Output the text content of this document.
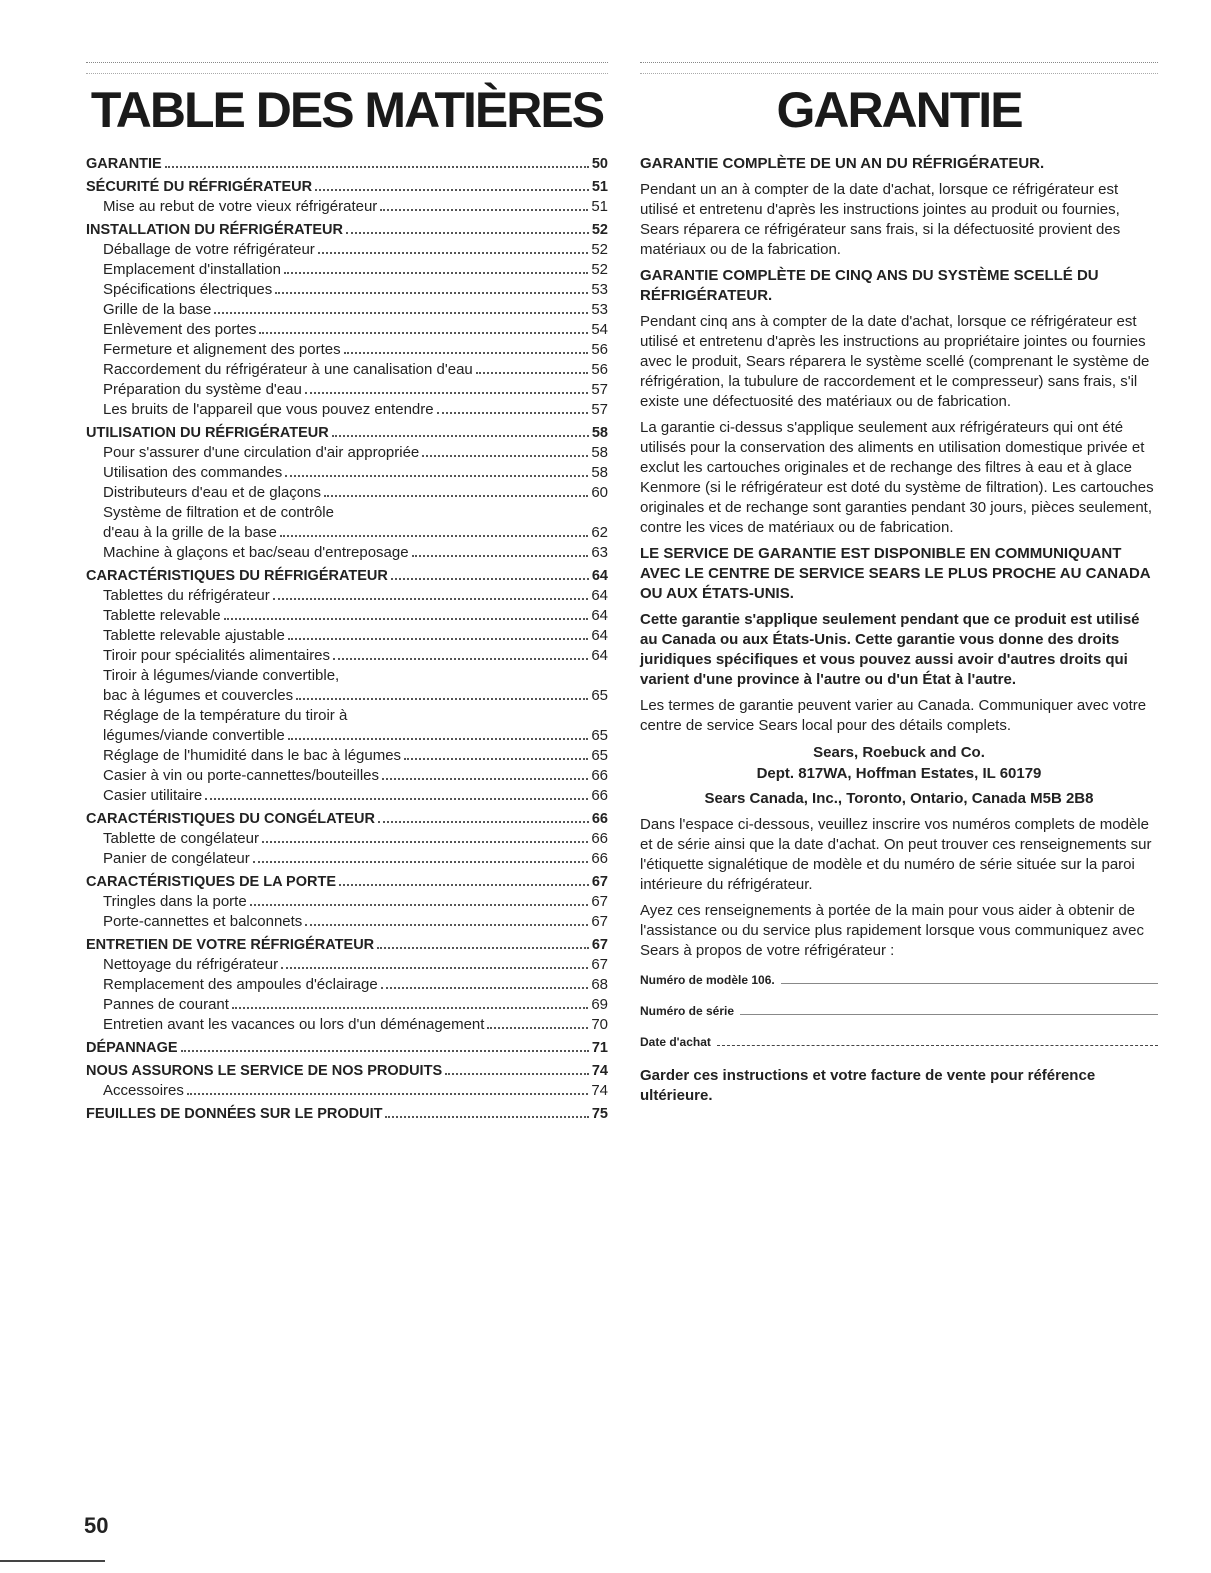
TABLE DES MATIÈRES
GARANTIE	50
SÉCURITÉ DU RÉFRIGÉRATEUR	51
Mise au rebut de votre vieux réfrigérateur	51
INSTALLATION DU RÉFRIGÉRATEUR	52
Déballage de votre réfrigérateur	52
Emplacement d'installation	52
Spécifications électriques	53
Grille de la base	53
Enlèvement des portes	54
Fermeture et alignement des portes	56
Raccordement du réfrigérateur à une canalisation d'eau	56
Préparation du système d'eau	57
Les bruits de l'appareil que vous pouvez entendre	57
UTILISATION DU RÉFRIGÉRATEUR	58
Pour s'assurer d'une circulation d'air appropriée	58
Utilisation des commandes	58
Distributeurs d'eau et de glaçons	60
Système de filtration et de contrôle
d'eau à la grille de la base	62
Machine à glaçons et bac/seau d'entreposage	63
CARACTÉRISTIQUES DU RÉFRIGÉRATEUR	64
Tablettes du réfrigérateur	64
Tablette relevable	64
Tablette relevable ajustable	64
Tiroir pour spécialités alimentaires	64
Tiroir à légumes/viande convertible,
bac à légumes et couvercles	65
Réglage de la température du tiroir à
légumes/viande convertible	65
Réglage de l'humidité dans le bac à légumes	65
Casier à vin ou porte-cannettes/bouteilles	66
Casier utilitaire	66
CARACTÉRISTIQUES DU CONGÉLATEUR	66
Tablette de congélateur	66
Panier de congélateur	66
CARACTÉRISTIQUES DE LA PORTE	67
Tringles dans la porte	67
Porte-cannettes et balconnets	67
ENTRETIEN DE VOTRE RÉFRIGÉRATEUR	67
Nettoyage du réfrigérateur	67
Remplacement des ampoules d'éclairage	68
Pannes de courant	69
Entretien avant les vacances ou lors d'un déménagement	70
DÉPANNAGE	71
NOUS ASSURONS LE SERVICE DE NOS PRODUITS	74
Accessoires	74
FEUILLES DE DONNÉES SUR LE PRODUIT	75
GARANTIE

GARANTIE COMPLÈTE DE UN AN DU RÉFRIGÉRATEUR.

Pendant un an à compter de la date d'achat, lorsque ce réfrigérateur est utilisé et entretenu d'après les instructions jointes au produit ou fournies, Sears réparera ce réfrigérateur sans frais, si la défectuosité provient des matériaux ou de la fabrication.

GARANTIE COMPLÈTE DE CINQ ANS DU SYSTÈME SCELLÉ DU RÉFRIGÉRATEUR.

Pendant cinq ans à compter de la date d'achat, lorsque ce réfrigérateur est utilisé et entretenu d'après les instructions au propriétaire jointes ou fournies avec le produit, Sears réparera le système scellé (comprenant le système de réfrigération, la tubulure de raccordement et le compresseur) sans frais, s'il existe une défectuosité des matériaux ou de fabrication.

La garantie ci-dessus s'applique seulement aux réfrigérateurs qui ont été utilisés pour la conservation des aliments en utilisation domestique privée et exclut les cartouches originales et de rechange des filtres à eau et à glace Kenmore (si le réfrigérateur est doté du système de filtration). Les cartouches originales et de rechange sont garanties pendant 30 jours, pièces seulement, contre les vices de matériaux ou de fabrication.

LE SERVICE DE GARANTIE EST DISPONIBLE EN COMMUNIQUANT AVEC LE CENTRE DE SERVICE SEARS LE PLUS PROCHE AU CANADA OU AUX ÉTATS-UNIS.

Cette garantie s'applique seulement pendant que ce produit est utilisé au Canada ou aux États-Unis. Cette garantie vous donne des droits juridiques spécifiques et vous pouvez aussi avoir d'autres droits qui varient d'une province à l'autre ou d'un État à l'autre.

Les termes de garantie peuvent varier au Canada. Communiquer avec votre centre de service Sears local pour des détails complets.

Sears, Roebuck and Co.
Dept. 817WA, Hoffman Estates, IL 60179
Sears Canada, Inc., Toronto, Ontario, Canada M5B 2B8

Dans l'espace ci-dessous, veuillez inscrire vos numéros complets de modèle et de série ainsi que la date d'achat. On peut trouver ces renseignements sur l'étiquette signalétique de modèle et du numéro de série située sur la paroi intérieure du réfrigérateur.

Ayez ces renseignements à portée de la main pour vous aider à obtenir de l'assistance ou du service plus rapidement lorsque vous communiquez avec Sears à propos de votre réfrigérateur :

Numéro de modèle 106.
Numéro de série
Date d'achat

Garder ces instructions et votre facture de vente pour référence ultérieure.

50
